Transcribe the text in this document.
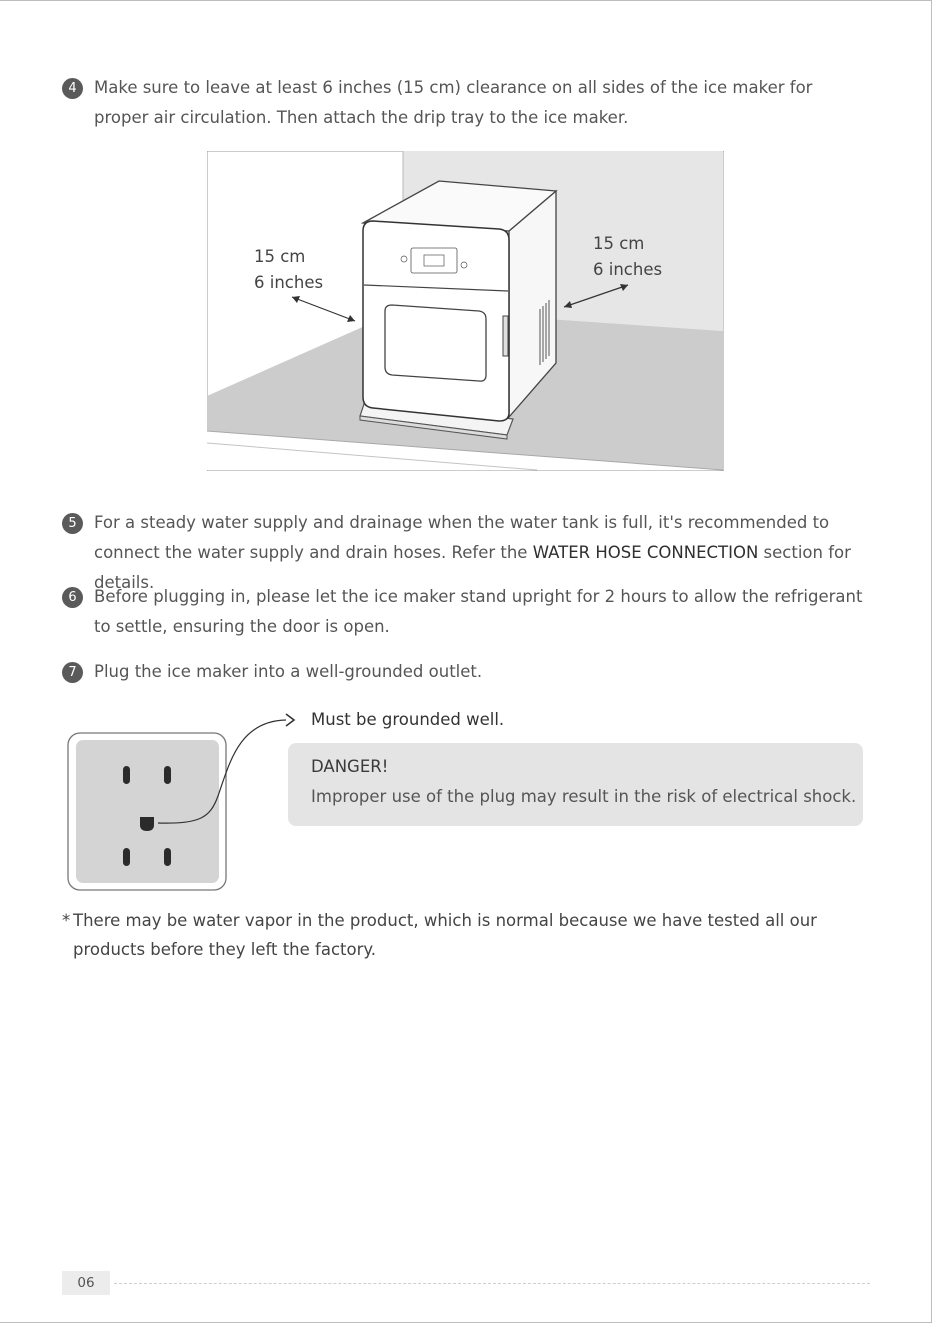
4	Make sure to leave at least 6 inches (15 cm) clearance on all sides of the ice maker for proper air circulation. Then attach the drip tray to the ice maker.
15 cm
6 inches
15 cm
6 inches
5	For a steady water supply and drainage when the water tank is full, it's recommended to connect the water supply and drain hoses. Refer the WATER HOSE CONNECTION section for details.
6	Before plugging in, please let the ice maker stand upright for 2 hours to allow the refrigerant to settle, ensuring the door is open.
7	Plug the ice maker into a well-grounded outlet.
Must be grounded well.
DANGER!
Improper use of the plug may result in the risk of electrical shock.
* There may be water vapor in the product, which is normal because we have tested all our products before they left the factory.
06
